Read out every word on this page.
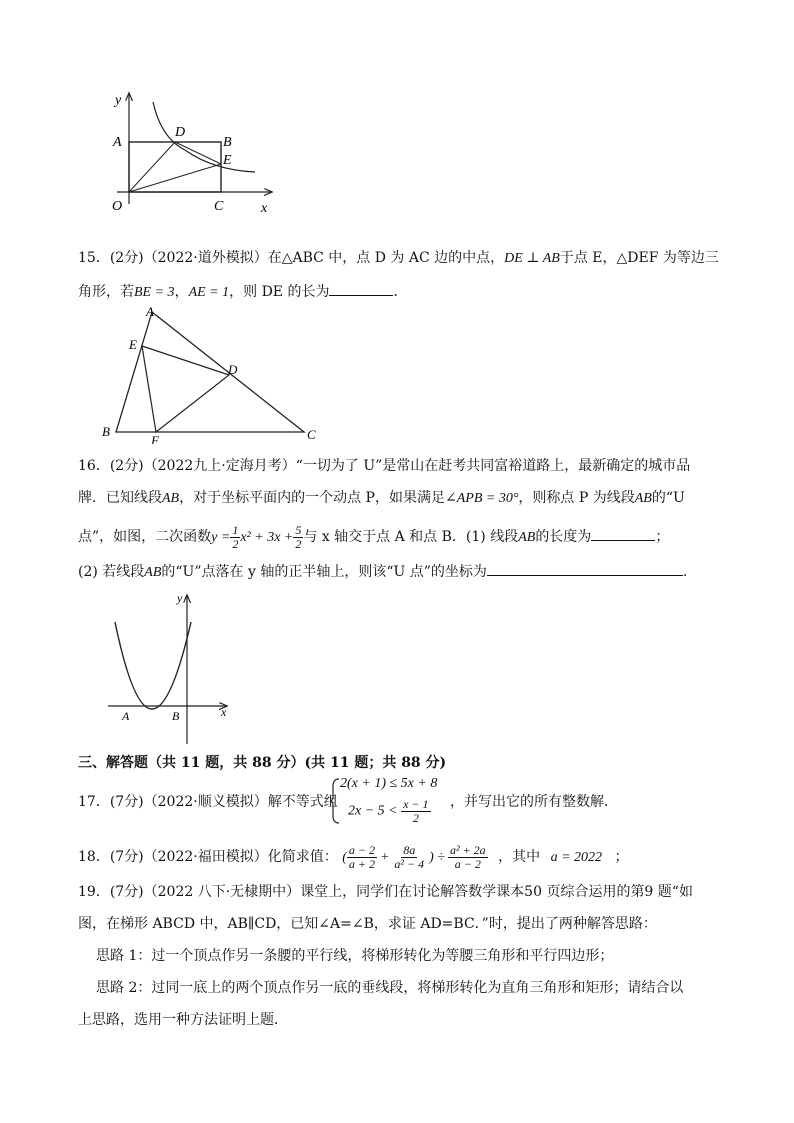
y
x
A
D
B
E
O	C
15．(2分)（2022·道外模拟）在△ABC 中，点 D 为 AC 边的中点，DE ⊥ AB于点 E，△DEF 为等边三
角形，若BE = 3，AE = 1，则 DE 的长为	．
A
E
D
B
F	C
16．(2分)（2022九上·定海月考）“一切为了 U”是常山在赶考共同富裕道路上，最新确定的城市品
牌．已知线段AB，对于坐标平面内的一个动点 P，如果满足∠APB = 30°，则称点 P 为线段AB的“U
点”，如图，二次函数$y = \frac{1}{2} x^2 + 3x + \frac{5}{2}$ 与 x 轴交于点 A 和点 B．(1) 线段AB的长度为	；
(2) 若线段AB的“U”点落在 y 轴的正半轴上，则该“U 点”的坐标为	．
y
x
A	B
三、解答题（共 11 题，共 88 分）(共 11 题；共 88 分)
17．(7分)（2022·顺义模拟）解不等式组
2(x + 1) ≤ 5x + 8
$2x - 5 < \frac{x - 1}{2}$ ，并写出它的所有整数解．
18．(7分)（2022·福田模拟）化简求值： ( $\frac{a - 2}{a + 2} + \frac{8a}{\text{a² − 4}}$ ) ÷ $\frac{\text{a² + 2a}}{a - 2}$ ，其中 a = 2022 ；
19．(7分)（2022 八下·无棣期中）课堂上，同学们在讨论解答数学课本50 页综合运用的第9 题“如
图，在梯形 ABCD 中，AB∥CD，已知∠A=∠B，求证 AD=BC．”时，提出了两种解答思路：
思路 1：过一个顶点作另一条腰的平行线，将梯形转化为等腰三角形和平行四边形；
思路 2：过同一底上的两个顶点作另一底的垂线段，将梯形转化为直角三角形和矩形；请结合以
上思路，选用一种方法证明上题．
